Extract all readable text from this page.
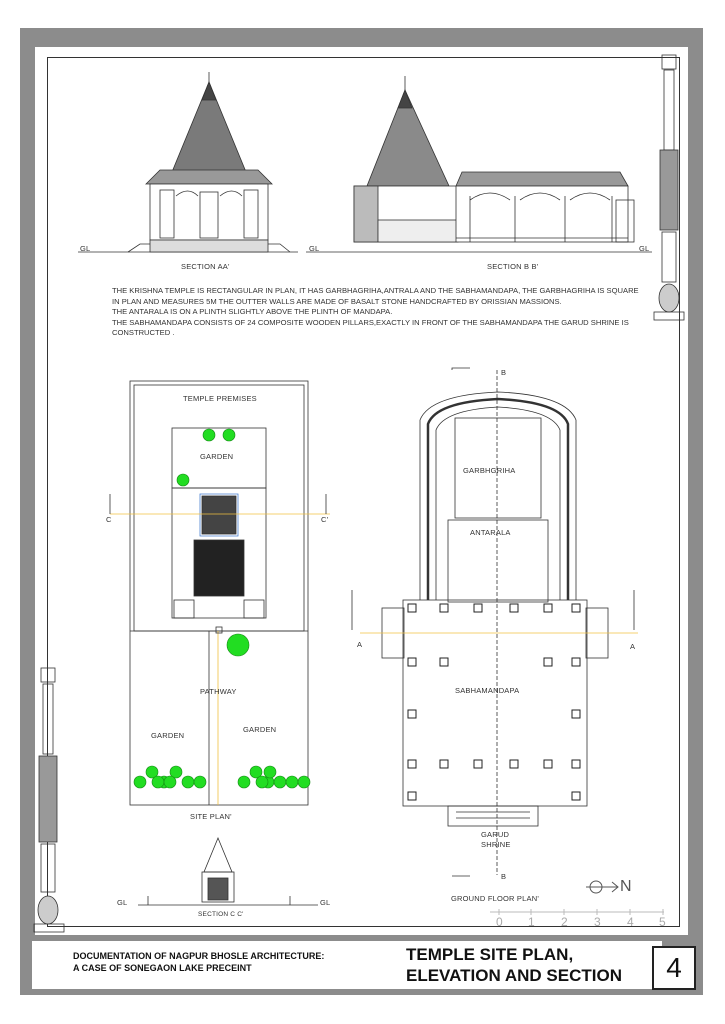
GL
SECTION AA'
GL	GL
SECTION B B'

THE KRISHNA TEMPLE IS RECTANGULAR IN PLAN, IT HAS GARBHAGRIHA,ANTRALA AND THE SABHAMANDAPA, THE GARBHAGRIHA IS SQUARE IN PLAN AND MEASURES 5M THE OUTTER WALLS ARE MADE OF BASALT STONE HANDCRAFTED BY ORISSIAN MASSIONS.

THE ANTARALA IS ON A PLINTH SLIGHTLY ABOVE THE PLINTH OF MANDAPA.

THE SABHAMANDAPA CONSISTS OF 24 COMPOSITE WOODEN PILLARS,EXACTLY IN FRONT OF THE SABHAMANDAPA THE GARUD SHRINE IS CONSTRUCTED .

TEMPLE PREMISES
GARDEN
PATHWAY
GARDEN
GARDEN
C	C'
SITE PLAN'
GL	GL
SECTION C C'
GARBHGRIHA
ANTARALA
SABHAMANDAPA
GARUD
SHRINE
A	A
B
B
GROUND FLOOR PLAN'
N
0 1 2 3 4 5
DOCUMENTATION OF NAGPUR BHOSLE ARCHITECTURE:
A CASE OF SONEGAON LAKE PRECEINT
TEMPLE SITE PLAN,
ELEVATION AND SECTION	4
